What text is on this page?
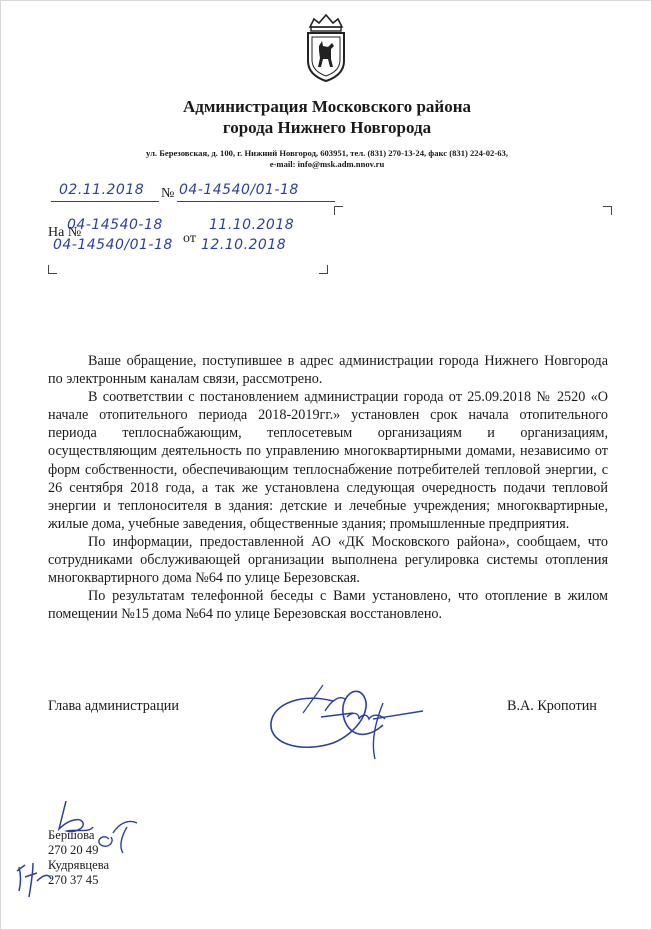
Администрация Московского района
города Нижнего Новгорода
ул. Березовская, д. 100, г. Нижний Новгород, 603951, тел. (831) 270-13-24, факс (831) 224-02-63,
e-mail: info@msk.adm.nnov.ru
02.11.2018 № 04-14540/01-18
На №
04-14540-18
от
11.10.2018
04-14540/01-18 12.10.2018

Ваше обращение, поступившее в адрес администрации города Нижнего Новгорода по электронным каналам связи, рассмотрено.

В соответствии с постановлением администрации города от 25.09.2018 № 2520 «О начале отопительного периода 2018-2019гг.» установлен срок начала отопительного периода теплоснабжающим, теплосетевым организациям и организациям, осуществляющим деятельность по управлению многоквартирными домами, независимо от форм собственности, обеспечивающим теплоснабжение потребителей тепловой энергии, с 26 сентября 2018 года, а так же установлена следующая очередность подачи тепловой энергии и теплоносителя в здания: детские и лечебные учреждения; многоквартирные, жилые дома, учебные заведения, общественные здания; промышленные предприятия.

По информации, предоставленной АО «ДК Московского района», сообщаем, что сотрудниками обслуживающей организации выполнена регулировка системы отопления многоквартирного дома №64 по улице Березовская.

По результатам телефонной беседы с Вами установлено, что отопление в жилом помещении №15 дома №64 по улице Березовская восстановлено.

Глава администрации	В.А. Кропотин
Бершова
270 20 49
Кудрявцева
270 37 45
